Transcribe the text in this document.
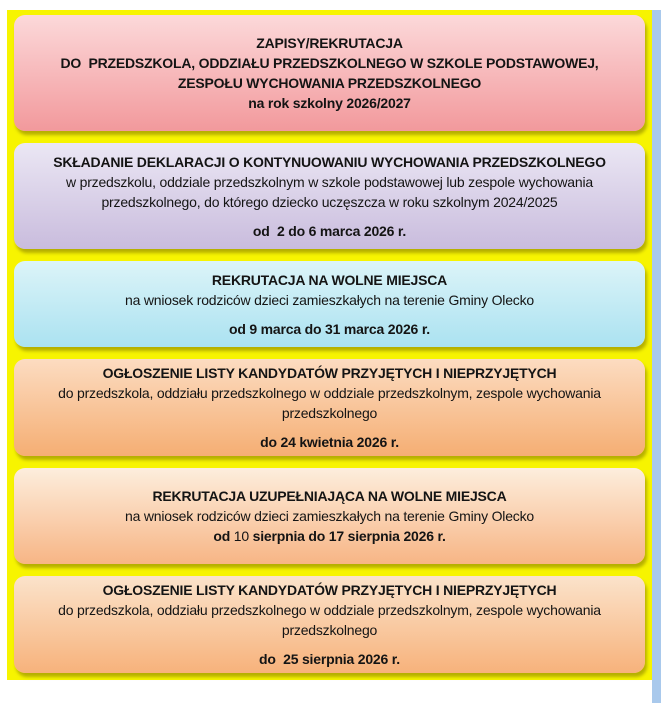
ZAPISY/REKRUTACJA
DO  PRZEDSZKOLA, ODDZIAŁU PRZEDSZKOLNEGO W SZKOLE PODSTAWOWEJ,
ZESPOŁU WYCHOWANIA PRZEDSZKOLNEGO
na rok szkolny 2026/2027
SKŁADANIE DEKLARACJI O KONTYNUOWANIU WYCHOWANIA PRZEDSZKOLNEGO
w przedszkolu, oddziale przedszkolnym w szkole podstawowej lub zespole wychowania
przedszkolnego, do którego dziecko uczęszcza w roku szkolnym 2024/2025
od  2 do 6 marca 2026 r.
REKRUTACJA NA WOLNE MIEJSCA
na wniosek rodziców dzieci zamieszkałych na terenie Gminy Olecko
od 9 marca do 31 marca 2026 r.
OGŁOSZENIE LISTY KANDYDATÓW PRZYJĘTYCH I NIEPRZYJĘTYCH
do przedszkola, oddziału przedszkolnego w oddziale przedszkolnym, zespole wychowania
przedszkolnego
do 24 kwietnia 2026 r.
REKRUTACJA UZUPEŁNIAJĄCA NA WOLNE MIEJSCA
na wniosek rodziców dzieci zamieszkałych na terenie Gminy Olecko
od 10 sierpnia do 17 sierpnia 2026 r.
OGŁOSZENIE LISTY KANDYDATÓW PRZYJĘTYCH I NIEPRZYJĘTYCH
do przedszkola, oddziału przedszkolnego w oddziale przedszkolnym, zespole wychowania
przedszkolnego
do  25 sierpnia 2026 r.
